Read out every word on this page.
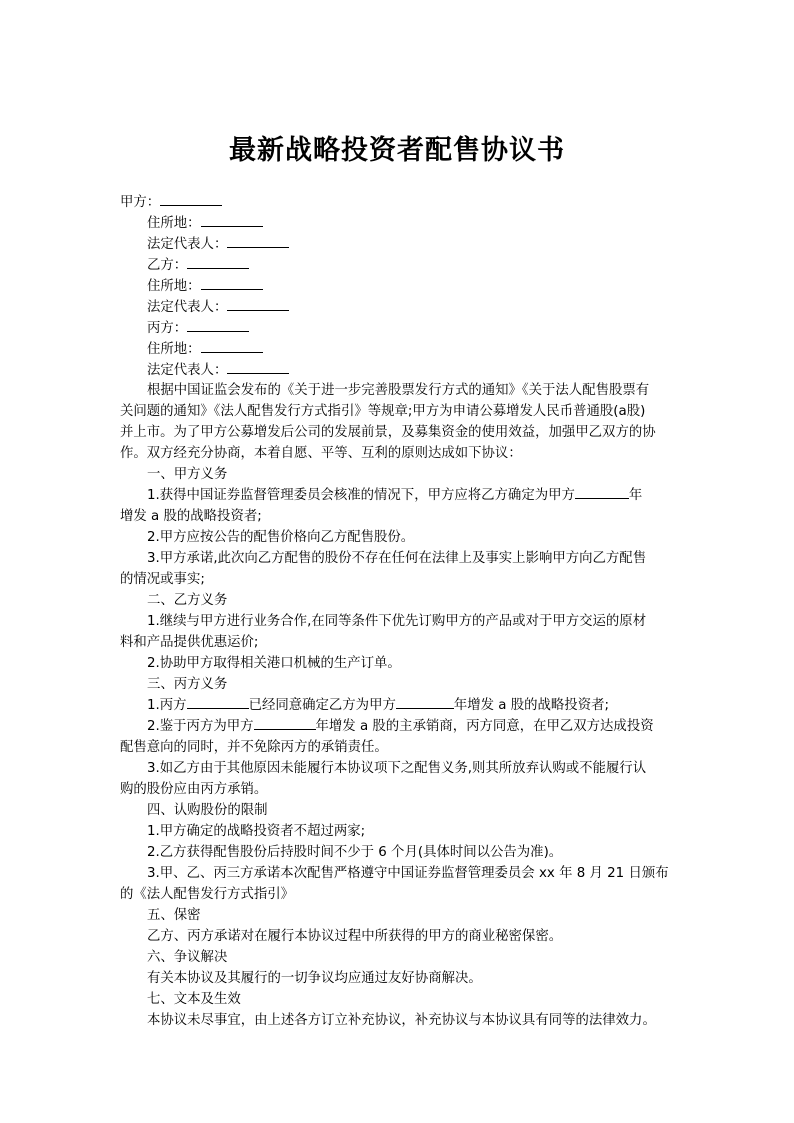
最新战略投资者配售协议书
甲方：
住所地：
法定代表人：
乙方：
住所地：
法定代表人：
丙方：
住所地：
法定代表人：
根据中国证监会发布的《关于进一步完善股票发行方式的通知》《关于法人配售股票有
关问题的通知》《法人配售发行方式指引》等规章;甲方为申请公募增发人民币普通股(a股)
并上市。为了甲方公募增发后公司的发展前景，及募集资金的使用效益，加强甲乙双方的协
作。双方经充分协商，本着自愿、平等、互利的原则达成如下协议：
一、甲方义务
1.获得中国证券监督管理委员会核准的情况下，甲方应将乙方确定为甲方	年
增发 a 股的战略投资者;
2.甲方应按公告的配售价格向乙方配售股份。
3.甲方承诺,此次向乙方配售的股份不存在任何在法律上及事实上影响甲方向乙方配售
的情况或事实;
二、乙方义务
1.继续与甲方进行业务合作,在同等条件下优先订购甲方的产品或对于甲方交运的原材
料和产品提供优惠运价;
2.协助甲方取得相关港口机械的生产订单。
三、丙方义务
1.丙方	已经同意确定乙方为甲方	年增发 a 股的战略投资者;
2.鉴于丙方为甲方	年增发 a 股的主承销商，丙方同意，在甲乙双方达成投资
配售意向的同时，并不免除丙方的承销责任。
3.如乙方由于其他原因未能履行本协议项下之配售义务,则其所放弃认购或不能履行认
购的股份应由丙方承销。
四、认购股份的限制
1.甲方确定的战略投资者不超过两家;
2.乙方获得配售股份后持股时间不少于 6 个月(具体时间以公告为准)。
3.甲、乙、丙三方承诺本次配售严格遵守中国证券监督管理委员会 xx 年 8 月 21 日颁布
的《法人配售发行方式指引》
五、保密
乙方、丙方承诺对在履行本协议过程中所获得的甲方的商业秘密保密。
六、争议解决
有关本协议及其履行的一切争议均应通过友好协商解决。
七、文本及生效
本协议未尽事宜，由上述各方订立补充协议，补充协议与本协议具有同等的法律效力。
